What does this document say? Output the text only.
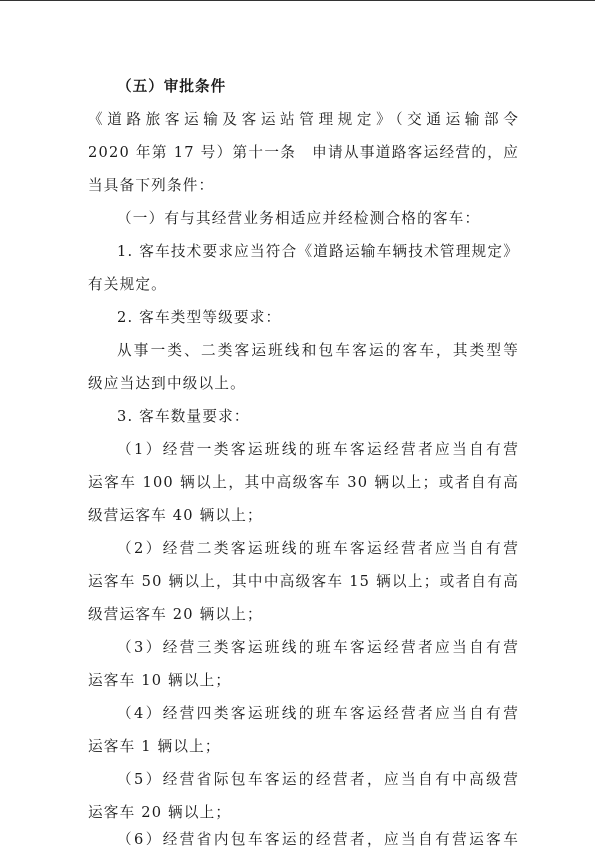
（五）审批条件
《道路旅客运输及客运站管理规定》（交通运输部令
2020 年第 17 号）第十一条　申请从事道路客运经营的，应
当具备下列条件：
（一）有与其经营业务相适应并经检测合格的客车：
1. 客车技术要求应当符合《道路运输车辆技术管理规定》
有关规定。
2. 客车类型等级要求：
从事一类、二类客运班线和包车客运的客车，其类型等
级应当达到中级以上。
3. 客车数量要求：
（1）经营一类客运班线的班车客运经营者应当自有营
运客车 100 辆以上，其中高级客车 30 辆以上；或者自有高
级营运客车 40 辆以上；
（2）经营二类客运班线的班车客运经营者应当自有营
运客车 50 辆以上，其中中高级客车 15 辆以上；或者自有高
级营运客车 20 辆以上；
（3）经营三类客运班线的班车客运经营者应当自有营
运客车 10 辆以上；
（4）经营四类客运班线的班车客运经营者应当自有营
运客车 1 辆以上；
（5）经营省际包车客运的经营者，应当自有中高级营
运客车 20 辆以上；
（6）经营省内包车客运的经营者，应当自有营运客车
